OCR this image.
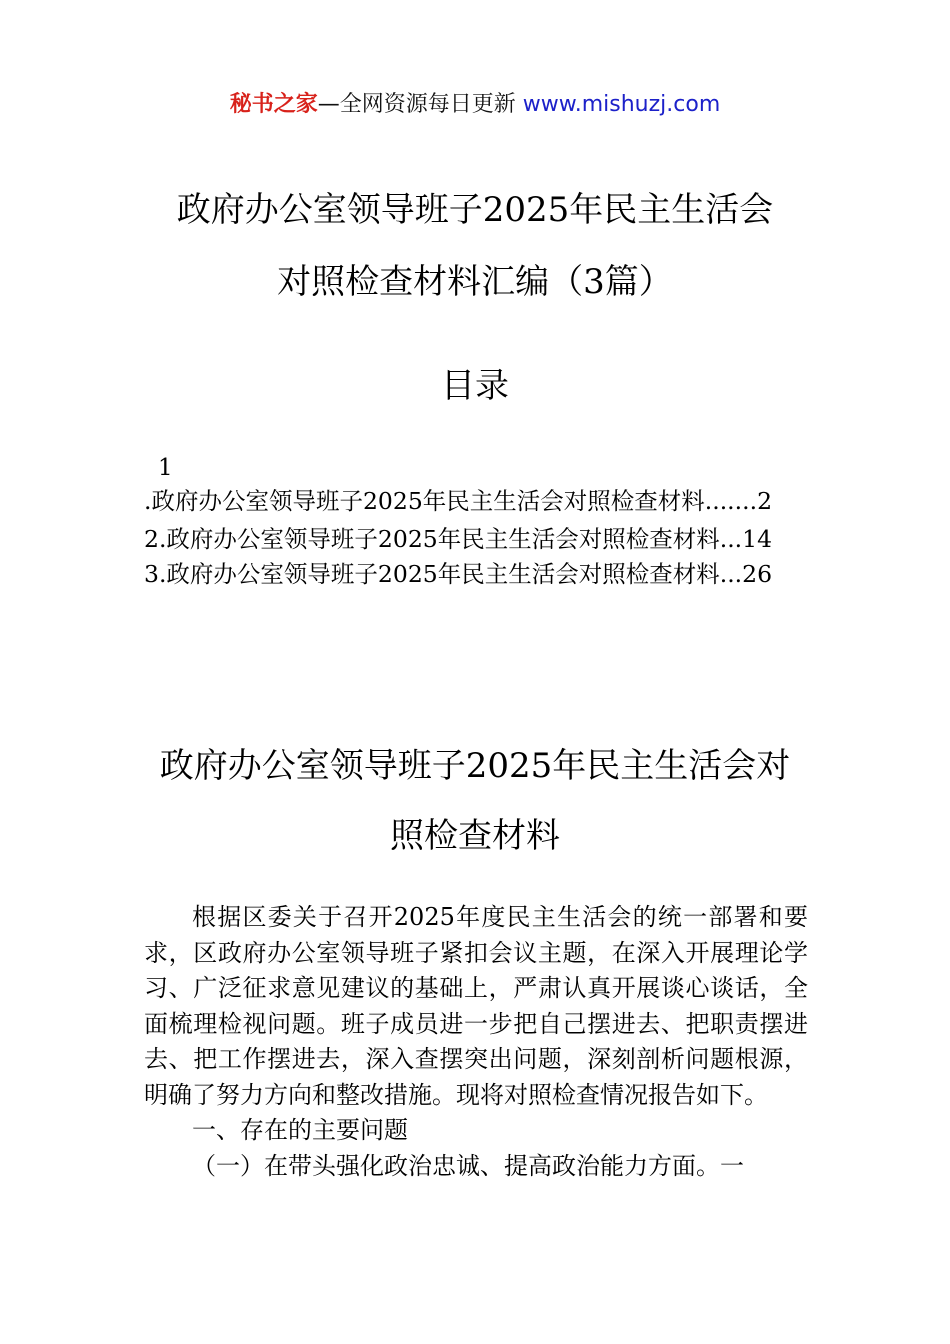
秘书之家—全网资源每日更新 www.mishuzj.com
政府办公室领导班子2025年民主生活会
对照检查材料汇编（3篇）
目录
1
.政府办公室领导班子2025年民主生活会对照检查材料.......2
2.政府办公室领导班子2025年民主生活会对照检查材料...14
3.政府办公室领导班子2025年民主生活会对照检查材料...26
政府办公室领导班子2025年民主生活会对
照检查材料

根据区委关于召开2025年度民主生活会的统一部署和要求，区政府办公室领导班子紧扣会议主题，在深入开展理论学习、广泛征求意见建议的基础上，严肃认真开展谈心谈话，全面梳理检视问题。班子成员进一步把自己摆进去、把职责摆进去、把工作摆进去，深入查摆突出问题，深刻剖析问题根源，明确了努力方向和整改措施。现将对照检查情况报告如下。

一、存在的主要问题

（一）在带头强化政治忠诚、提高政治能力方面。一
